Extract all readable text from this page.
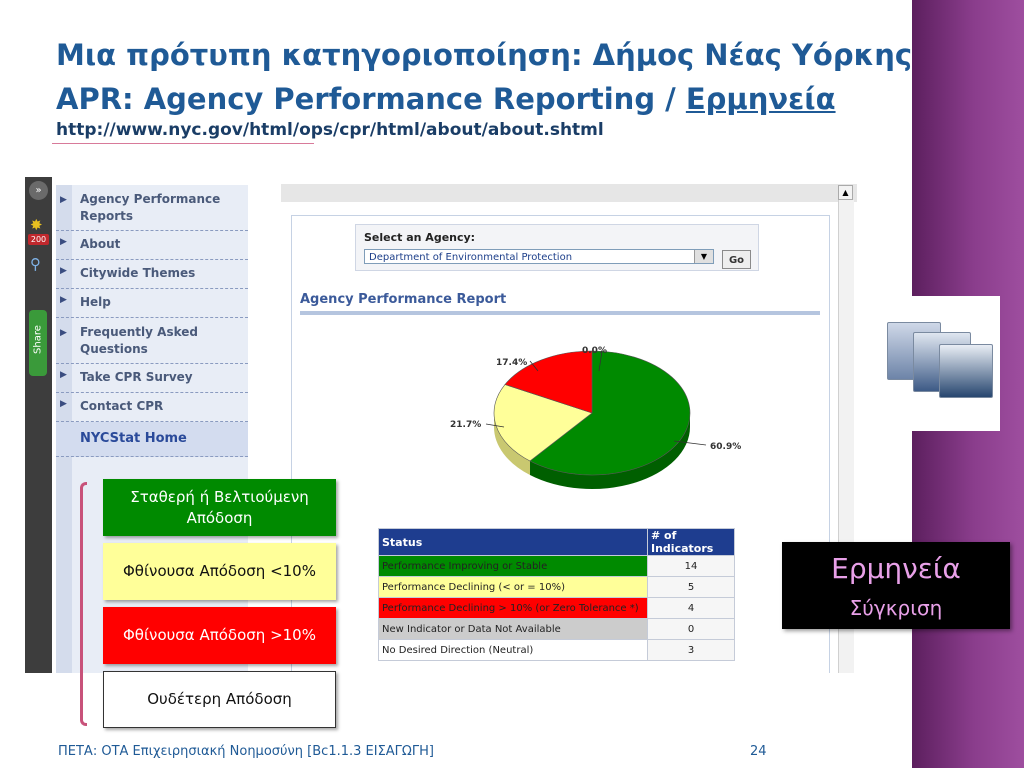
Μια πρότυπη κατηγοριοποίηση: Δήμος Νέας Υόρκης
APR: Agency Performance Reporting / Ερμηνεία
http://www.nyc.gov/html/ops/cpr/html/about/about.shtml
»
✸
200
⚲
Share
▶ Agency Performance Reports
▶ About
▶ Citywide Themes
▶ Help
▶ Frequently Asked Questions
▶ Take CPR Survey
▶ Contact CPR
NYCStat Home
▲
Select an Agency:
Department of Environmental Protection	▼	Go
Agency Performance Report
60.9%
21.7%
17.4%
0.0%
Status	# of Indicators
Performance Improving or Stable	14
Performance Declining (< or = 10%)	5
Performance Declining > 10% (or Zero Tolerance *)	4
New Indicator or Data Not Available	0
No Desired Direction (Neutral)	3
Σταθερή ή Βελτιούμενη Απόδοση
Φθίνουσα Απόδοση <10%
Φθίνουσα Απόδοση >10%
Ουδέτερη Απόδοση
Ερμηνεία
Σύγκριση
ΠΕΤΑ: ΟΤΑ Επιχειρησιακή Νοημοσύνη [Bc1.1.3 ΕΙΣΑΓΩΓΗ]	24
